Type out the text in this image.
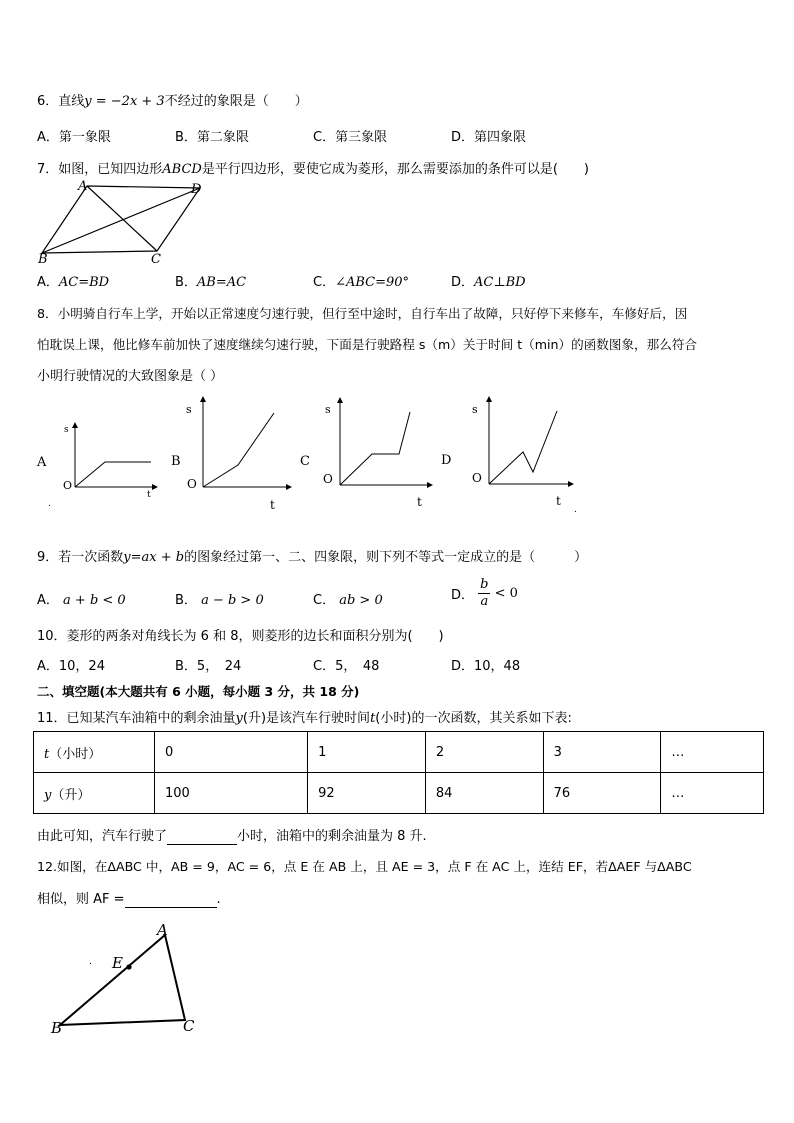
6．直线y = −2x + 3不经过的象限是（　　）
A．第一象限	B．第二象限	C．第三象限	D．第四象限
7．如图，已知四边形ABCD是平行四边形，要使它成为菱形，那么需要添加的条件可以是(　　)
A	D
C
B
A．AC=BD	B．AB=AC	C．∠ABC=90°	D．AC⊥BD
8．小明骑自行车上学，开始以正常速度匀速行驶，但行至中途时，自行车出了故障，只好停下来修车，车修好后，因
怕耽误上课，他比修车前加快了速度继续匀速行驶，下面是行驶路程 s（m）关于时间 t（min）的函数图象，那么符合
小明行驶情况的大致图象是（ ）
A
s
t
O
.
B
s
t
O
C
s
t
O
D
s
t
O
.
9．若一次函数y=ax + b的图象经过第一、二、四象限，则下列不等式一定成立的是（　　　）
A． a + b < 0	B． a − b > 0	C． ab > 0	D． $\frac{b}{a} < 0$
10．菱形的两条对角线长为 6 和 8，则菱形的边长和面积分别为(　　)
A．10，24	B．5，　24	C．5，　48	D．10，48
二、填空题(本大题共有 6 小题，每小题 3 分，共 18 分)
11．已知某汽车油箱中的剩余油量y(升)是该汽车行驶时间t(小时)的一次函数，其关系如下表:
t（小时）	0	1	2	3	…
y（升）	100	92	84	76	…
由此可知，汽车行驶了	小时，油箱中的剩余油量为 8 升.
12.如图，在ΔABC 中，AB = 9，AC = 6，点 E 在 AB 上，且 AE = 3，点 F 在 AC 上，连结 EF，若ΔAEF 与ΔABC
相似，则 AF =	.
.
A
E
B	C
